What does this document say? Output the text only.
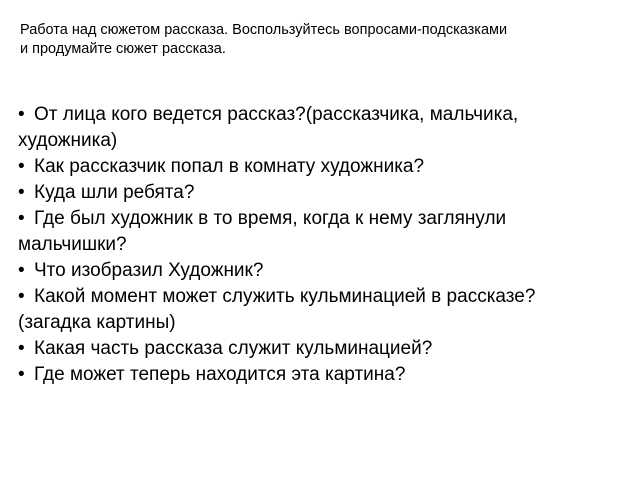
Работа над сюжетом рассказа. Воспользуйтесь вопросами-подсказками
и продумайте сюжет рассказа.
• От лица кого ведется рассказ?(рассказчика, мальчика,
художника)
• Как рассказчик попал в комнату художника?
• Куда шли ребята?
• Где был художник в то время, когда к нему заглянули
мальчишки?
• Что изобразил Художник?
• Какой момент может служить кульминацией в рассказе?
(загадка картины)
• Какая часть рассказа служит кульминацией?
• Где может теперь находится эта картина?
